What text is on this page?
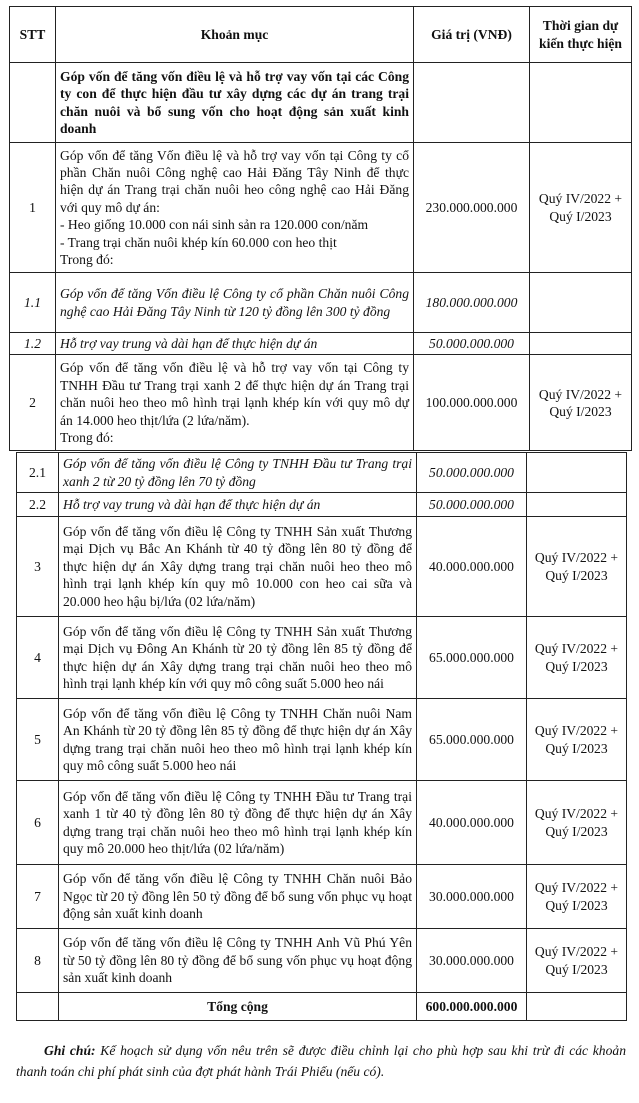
STT	Khoản mục	Giá trị (VNĐ)	Thời gian dự kiến thực hiện
	Góp vốn để tăng vốn điều lệ và hỗ trợ vay vốn tại các Công ty con để thực hiện đầu tư xây dựng các dự án trang trại chăn nuôi và bổ sung vốn cho hoạt động sản xuất kinh doanh		
1	Góp vốn để tăng Vốn điều lệ và hỗ trợ vay vốn tại Công ty cổ phần Chăn nuôi Công nghệ cao Hải Đăng Tây Ninh để thực hiện dự án Trang trại chăn nuôi heo công nghệ cao Hải Đăng với quy mô dự án:
- Heo giống 10.000 con nái sinh sản ra 120.000 con/năm
- Trang trại chăn nuôi khép kín 60.000 con heo thịt
Trong đó:	230.000.000.000	Quý IV/2022 + Quý I/2023
1.1	Góp vốn để tăng Vốn điều lệ Công ty cổ phần Chăn nuôi Công nghệ cao Hải Đăng Tây Ninh từ 120 tỷ đồng lên 300 tỷ đồng	180.000.000.000	
1.2	Hỗ trợ vay trung và dài hạn để thực hiện dự án	50.000.000.000	
2	Góp vốn để tăng vốn điều lệ và hỗ trợ vay vốn tại Công ty TNHH Đầu tư Trang trại xanh 2 để thực hiện dự án Trang trại chăn nuôi heo theo mô hình trại lạnh khép kín với quy mô dự án 14.000 heo thịt/lứa (2 lứa/năm).
Trong đó:	100.000.000.000	Quý IV/2022 + Quý I/2023
2.1	Góp vốn để tăng vốn điều lệ Công ty TNHH Đầu tư Trang trại xanh 2 từ 20 tỷ đồng lên 70 tỷ đồng	50.000.000.000	
2.2	Hỗ trợ vay trung và dài hạn để thực hiện dự án	50.000.000.000	
3	Góp vốn để tăng vốn điều lệ Công ty TNHH Sản xuất Thương mại Dịch vụ Bắc An Khánh từ 40 tỷ đồng lên 80 tỷ đồng để thực hiện dự án Xây dựng trang trại chăn nuôi heo theo mô hình trại lạnh khép kín quy mô 10.000 con heo cai sữa và 20.000 heo hậu bị/lứa (02 lứa/năm)	40.000.000.000	Quý IV/2022 + Quý I/2023
4	Góp vốn để tăng vốn điều lệ Công ty TNHH Sản xuất Thương mại Dịch vụ Đông An Khánh từ 20 tỷ đồng lên 85 tỷ đồng để thực hiện dự án Xây dựng trang trại chăn nuôi heo theo mô hình trại lạnh khép kín với quy mô công suất 5.000 heo nái	65.000.000.000	Quý IV/2022 + Quý I/2023
5	Góp vốn để tăng vốn điều lệ Công ty TNHH Chăn nuôi Nam An Khánh từ 20 tỷ đồng lên 85 tỷ đồng để thực hiện dự án Xây dựng trang trại chăn nuôi heo theo mô hình trại lạnh khép kín quy mô công suất 5.000 heo nái	65.000.000.000	Quý IV/2022 + Quý I/2023
6	Góp vốn để tăng vốn điều lệ Công ty TNHH Đầu tư Trang trại xanh 1 từ 40 tỷ đồng lên 80 tỷ đồng để thực hiện dự án Xây dựng trang trại chăn nuôi heo theo mô hình trại lạnh khép kín quy mô 20.000 heo thịt/lứa (02 lứa/năm)	40.000.000.000	Quý IV/2022 + Quý I/2023
7	Góp vốn để tăng vốn điều lệ Công ty TNHH Chăn nuôi Bảo Ngọc từ 20 tỷ đồng lên 50 tỷ đồng để bổ sung vốn phục vụ hoạt động sản xuất kinh doanh	30.000.000.000	Quý IV/2022 + Quý I/2023
8	Góp vốn để tăng vốn điều lệ Công ty TNHH Anh Vũ Phú Yên từ 50 tỷ đồng lên 80 tỷ đồng để bổ sung vốn phục vụ hoạt động sản xuất kinh doanh	30.000.000.000	Quý IV/2022 + Quý I/2023
	Tổng cộng	600.000.000.000	
Ghi chú: Kế hoạch sử dụng vốn nêu trên sẽ được điều chỉnh lại cho phù hợp sau khi trừ đi các khoản thanh toán chi phí phát sinh của đợt phát hành Trái Phiếu (nếu có).
